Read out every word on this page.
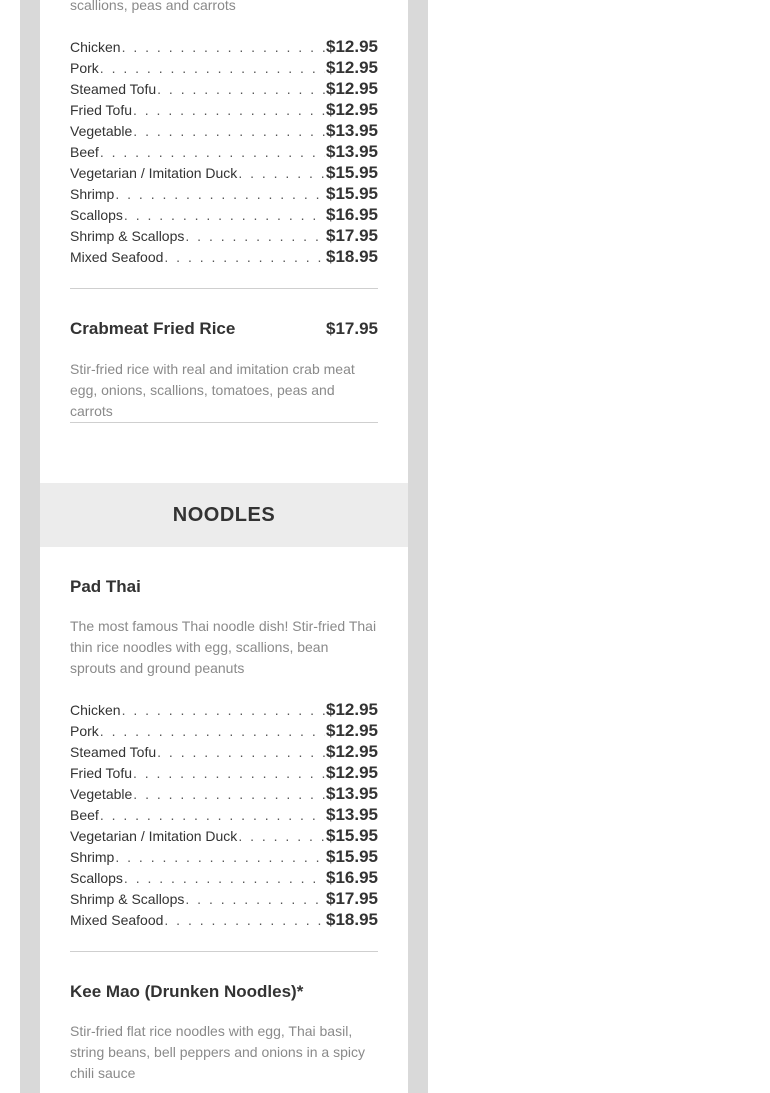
NOODLES

scallions, peas and carrots

Chicken . . .	$12.95
Pork . . .	$12.95
Steamed Tofu . . .	$12.95
Fried Tofu . . .	$12.95
Vegetable . . .	$13.95
Beef . . .	$13.95
Vegetarian / Imitation Duck . . .	$15.95
Shrimp . . .	$15.95
Scallops . . .	$16.95
Shrimp & Scallops . . .	$17.95
Mixed Seafood . . .	$18.95
Crabmeat Fried Rice	$17.95

Stir-fried rice with real and imitation crab meat egg, onions, scallions, tomatoes, peas and carrots

Pad Thai

The most famous Thai noodle dish! Stir-fried Thai thin rice noodles with egg, scallions, bean sprouts and ground peanuts

Chicken . . .	$12.95
Pork . . .	$12.95
Steamed Tofu . . .	$12.95
Fried Tofu . . .	$12.95
Vegetable . . .	$13.95
Beef . . .	$13.95
Vegetarian / Imitation Duck . . .	$15.95
Shrimp . . .	$15.95
Scallops . . .	$16.95
Shrimp & Scallops . . .	$17.95
Mixed Seafood . . .	$18.95
Kee Mao (Drunken Noodles)*

Stir-fried flat rice noodles with egg, Thai basil, string beans, bell peppers and onions in a spicy chili sauce
